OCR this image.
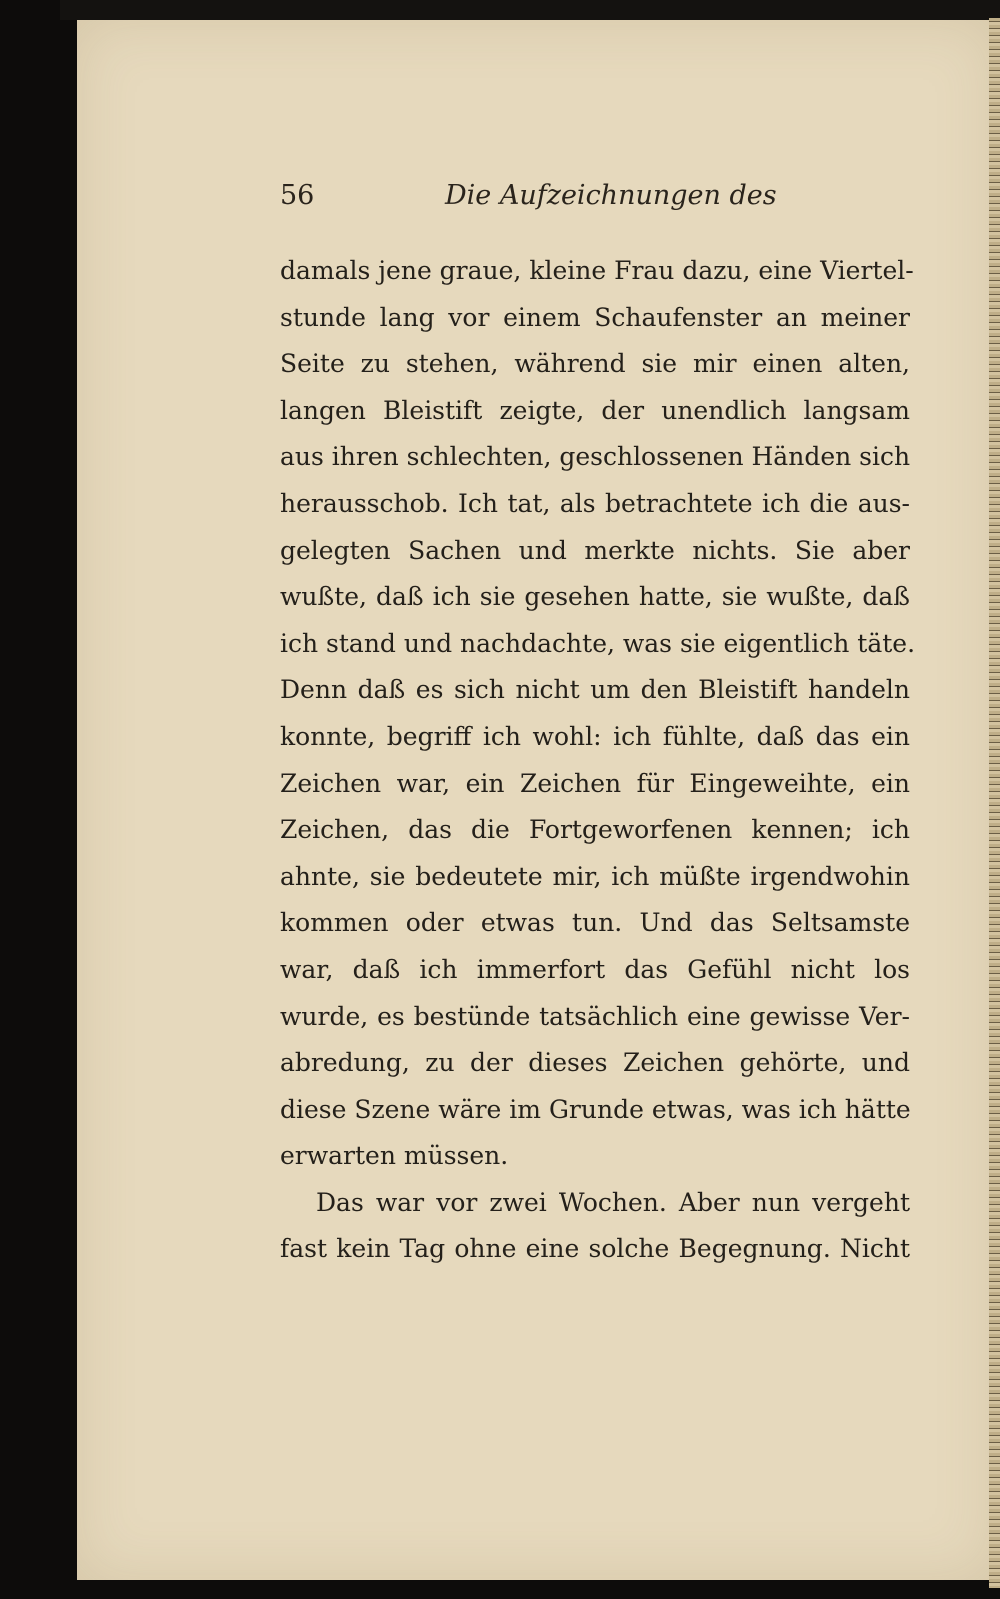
56	Die Aufzeichnungen des
damals jene graue, kleine Frau dazu, eine Viertel-
stunde lang vor einem Schaufenster an meiner
Seite zu stehen, während sie mir einen alten,
langen Bleistift zeigte, der unendlich langsam
aus ihren schlechten, geschlossenen Händen sich
herausschob. Ich tat, als betrachtete ich die aus-
gelegten Sachen und merkte nichts. Sie aber
wußte, daß ich sie gesehen hatte, sie wußte, daß
ich stand und nachdachte, was sie eigentlich täte.
Denn daß es sich nicht um den Bleistift handeln
konnte, begriff ich wohl: ich fühlte, daß das ein
Zeichen war, ein Zeichen für Eingeweihte, ein
Zeichen, das die Fortgeworfenen kennen; ich
ahnte, sie bedeutete mir, ich müßte irgendwohin
kommen oder etwas tun. Und das Seltsamste
war, daß ich immerfort das Gefühl nicht los
wurde, es bestünde tatsächlich eine gewisse Ver-
abredung, zu der dieses Zeichen gehörte, und
diese Szene wäre im Grunde etwas, was ich hätte
erwarten müssen.
Das war vor zwei Wochen. Aber nun vergeht
fast kein Tag ohne eine solche Begegnung. Nicht
